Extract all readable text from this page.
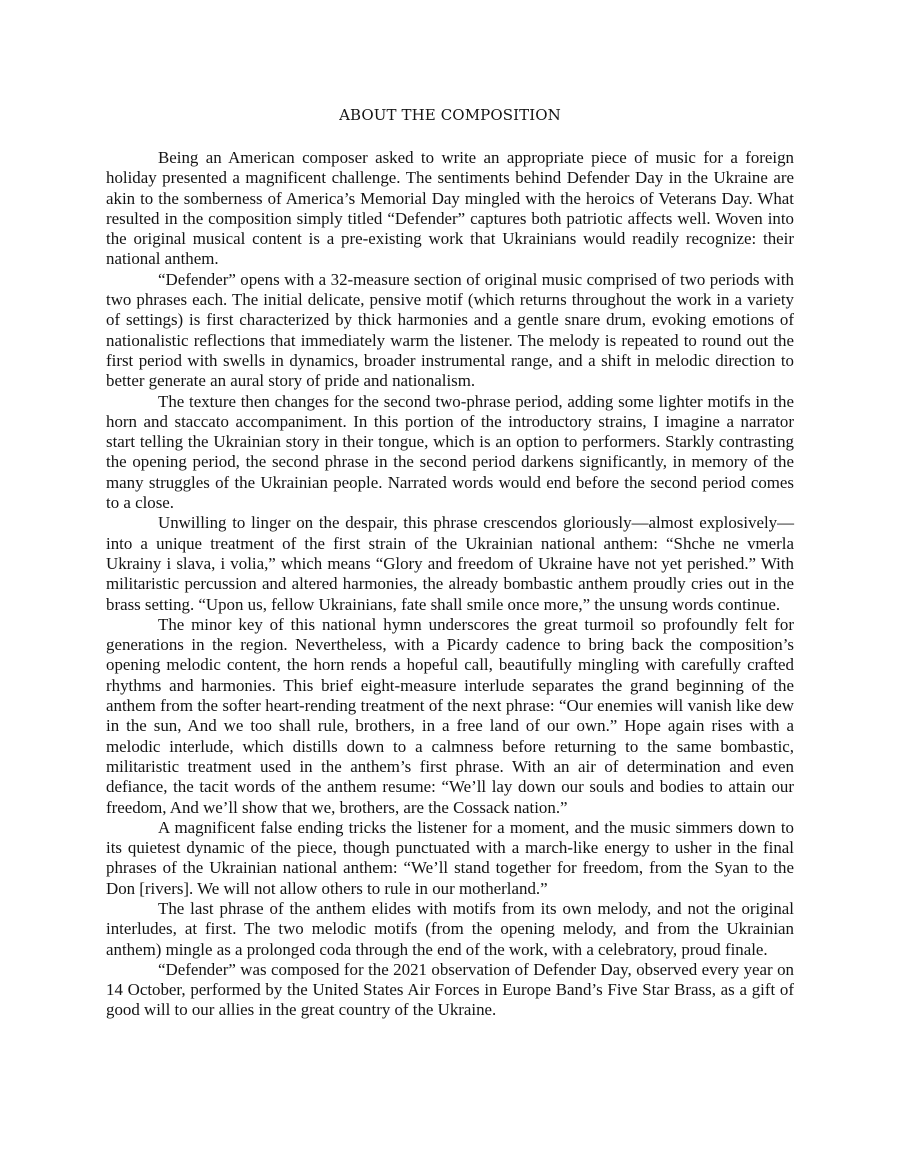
ABOUT THE COMPOSITION

Being an American composer asked to write an appropriate piece of music for a foreign holiday presented a magnificent challenge. The sentiments behind Defender Day in the Ukraine are akin to the somberness of America’s Memorial Day mingled with the heroics of Veterans Day. What resulted in the composition simply titled “Defender” captures both patriotic affects well. Woven into the original musical content is a pre-existing work that Ukrainians would readily recognize: their national anthem.

“Defender” opens with a 32-measure section of original music comprised of two periods with two phrases each. The initial delicate, pensive motif (which returns throughout the work in a variety of settings) is first characterized by thick harmonies and a gentle snare drum, evoking emotions of nationalistic reflections that immediately warm the listener. The melody is repeated to round out the first period with swells in dynamics, broader instrumental range, and a shift in melodic direction to better generate an aural story of pride and nationalism.

The texture then changes for the second two-phrase period, adding some lighter motifs in the horn and staccato accompaniment. In this portion of the introductory strains, I imagine a narrator start telling the Ukrainian story in their tongue, which is an option to performers. Starkly contrasting the opening period, the second phrase in the second period darkens significantly, in memory of the many struggles of the Ukrainian people. Narrated words would end before the second period comes to a close.

Unwilling to linger on the despair, this phrase crescendos gloriously—almost explosively—into a unique treatment of the first strain of the Ukrainian national anthem: “Shche ne vmerla Ukrainy i slava, i volia,” which means “Glory and freedom of Ukraine have not yet perished.” With militaristic percussion and altered harmonies, the already bombastic anthem proudly cries out in the brass setting. “Upon us, fellow Ukrainians, fate shall smile once more,” the unsung words continue.

The minor key of this national hymn underscores the great turmoil so profoundly felt for generations in the region. Nevertheless, with a Picardy cadence to bring back the composition’s opening melodic content, the horn rends a hopeful call, beautifully mingling with carefully crafted rhythms and harmonies. This brief eight-measure interlude separates the grand beginning of the anthem from the softer heart-rending treatment of the next phrase: “Our enemies will vanish like dew in the sun, And we too shall rule, brothers, in a free land of our own.” Hope again rises with a melodic interlude, which distills down to a calmness before returning to the same bombastic, militaristic treatment used in the anthem’s first phrase. With an air of determination and even defiance, the tacit words of the anthem resume: “We’ll lay down our souls and bodies to attain our freedom, And we’ll show that we, brothers, are the Cossack nation.”

A magnificent false ending tricks the listener for a moment, and the music simmers down to its quietest dynamic of the piece, though punctuated with a march-like energy to usher in the final phrases of the Ukrainian national anthem: “We’ll stand together for freedom, from the Syan to the Don [rivers]. We will not allow others to rule in our motherland.”

The last phrase of the anthem elides with motifs from its own melody, and not the original interludes, at first. The two melodic motifs (from the opening melody, and from the Ukrainian anthem) mingle as a prolonged coda through the end of the work, with a celebratory, proud finale.

“Defender” was composed for the 2021 observation of Defender Day, observed every year on 14 October, performed by the United States Air Forces in Europe Band’s Five Star Brass, as a gift of good will to our allies in the great country of the Ukraine.
